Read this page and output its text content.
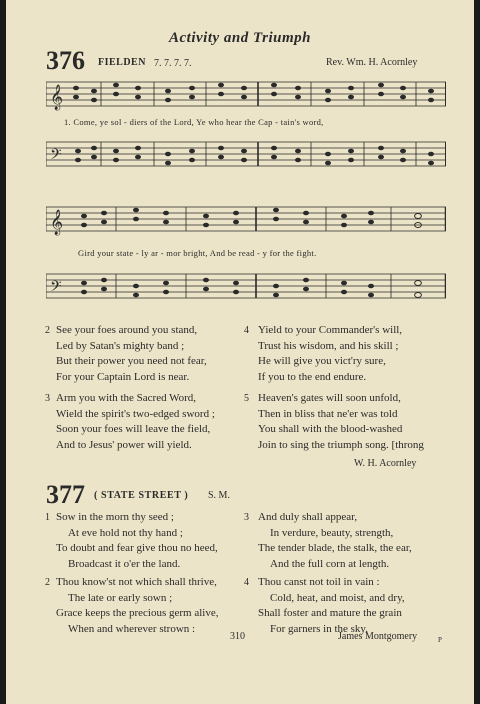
Activity and Triumph
376 FIELDEN 7. 7. 7. 7.	Rev. Wm. H. Acornley
𝄞
1. Come, ye sol - diers of the Lord, Ye who hear the Cap - tain's word,
𝄢
𝄞
Gird your state - ly ar - mor bright, And be read - y for the fight.
𝄢
2 See your foes around you stand,
Led by Satan's mighty band ;
But their power you need not fear,
For your Captain Lord is near.
4 Yield to your Commander's will,
Trust his wisdom, and his skill ;
He will give you vict'ry sure,
If you to the end endure.
3 Arm you with the Sacred Word,
Wield the spirit's two-edged sword ;
Soon your foes will leave the field,
And to Jesus' power will yield.
5 Heaven's gates will soon unfold,
Then in bliss that ne'er was told
You shall with the blood-washed
Join to sing the triumph song. [throng
W. H. Acornley
377 ( STATE STREET ) S. M.
1 Sow in the morn thy seed ;
At eve hold not thy hand ;
To doubt and fear give thou no heed,
Broadcast it o'er the land.
3 And duly shall appear,
In verdure, beauty, strength,
The tender blade, the stalk, the ear,
And the full corn at length.
2 Thou know'st not which shall thrive,
The late or early sown ;
Grace keeps the precious germ alive,
When and wherever strown :
4 Thou canst not toil in vain :
Cold, heat, and moist, and dry,
Shall foster and mature the grain
For garners in the sky.
310	James Montgomery	P
